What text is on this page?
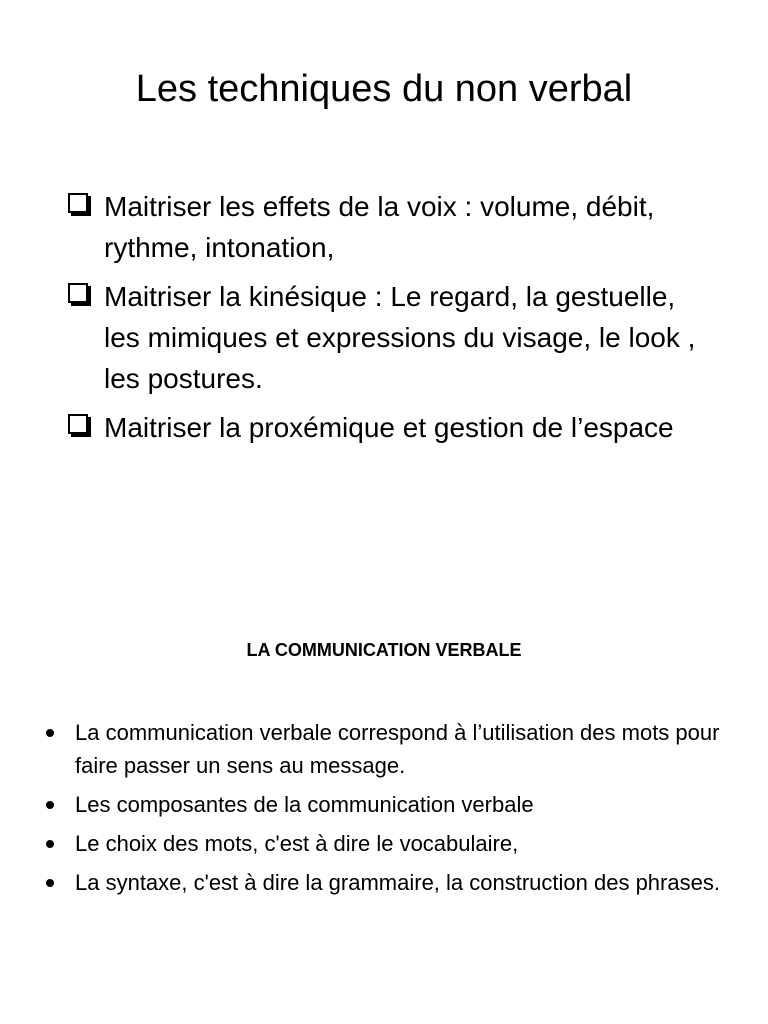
Les techniques du non verbal
Maitriser les effets de la voix : volume, débit, rythme, intonation,
Maitriser la kinésique : Le regard, la gestuelle, les mimiques et expressions du visage, le look , les postures.
Maitriser la proxémique et gestion de l’espace
LA COMMUNICATION VERBALE
La communication verbale correspond à l’utilisation des mots pour faire passer un sens au message.
Les composantes de la communication verbale
Le choix des mots, c'est à dire le vocabulaire,
La syntaxe, c'est à dire la grammaire, la construction des phrases.
